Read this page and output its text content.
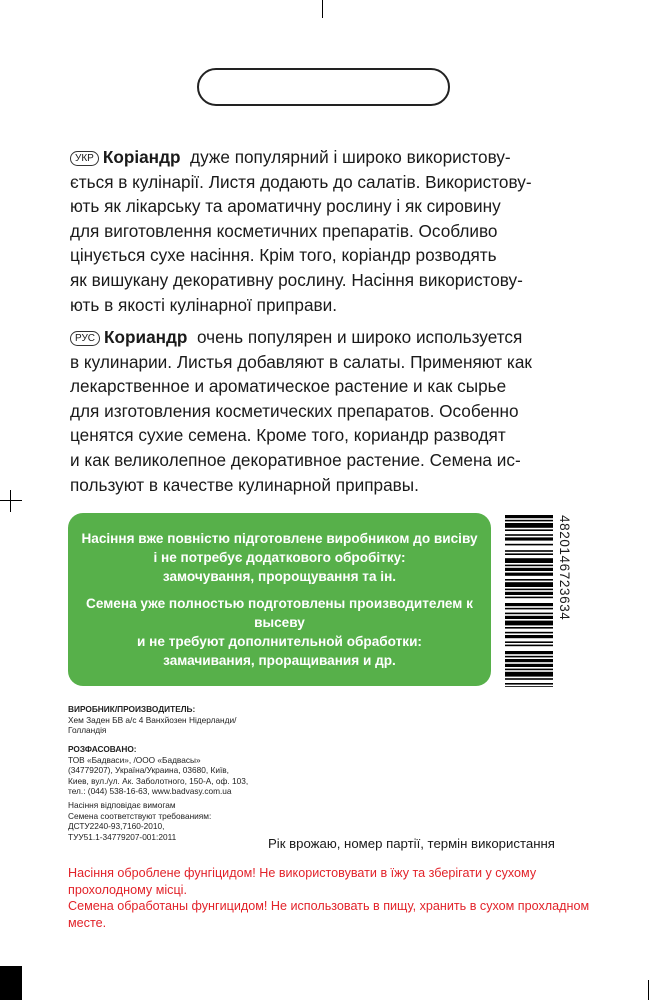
УКР Коріандр дуже популярний і широко використову-
ється в кулінарії. Листя додають до салатів. Використову-
ють як лікарську та ароматичну рослину і як сировину
для виготовлення косметичних препаратів. Особливо
цінується сухе насіння. Крім того, коріандр розводять
як вишукану декоративну рослину. Насіння використову-
ють в якості кулінарної приправи.
РУС Кориандр очень популярен и широко используется
в кулинарии. Листья добавляют в салаты. Применяют как
лекарственное и ароматическое растение и как сырье
для изготовления косметических препаратов. Особенно
ценятся сухие семена. Кроме того, кориандр разводят
и как великолепное декоративное растение. Семена ис-
пользуют в качестве кулинарной приправы.

Насіння вже повністю підготовлене виробником до висіву
і не потребує додаткового обробітку:
замочування, пророщування та ін.

Семена уже полностью подготовлены производителем к высеву
и не требуют дополнительной обработки:
замачивания, проращивания и др.

4820146723634
ВИРОБНИК/ПРОИЗВОДИТЕЛЬ:
Хем Заден БВ а/с 4 Ванхйозен Нідерланди/
Голландія
РОЗФАСОВАНО:
ТОВ «Бадваси», /ООО «Бадвасы»
(34779207), Україна/Украина, 03680, Київ,
Киев, вул./ул. Ак. Заболотного, 150-А, оф. 103,
тел.: (044) 538-16-63, www.badvasy.com.ua
Насіння відповідає вимогам
Семена соответствуют требованиям:
ДСТУ2240-93,7160-2010,
ТУУ51.1-34779207-001:2011	Рік врожаю, номер партії, термін використання
Насіння оброблене фунгіцидом! Не використовувати в їжу та зберігати у сухому прохолодному місці.
Семена обработаны фунгицидом! Не использовать в пищу, хранить в сухом прохладном месте.
